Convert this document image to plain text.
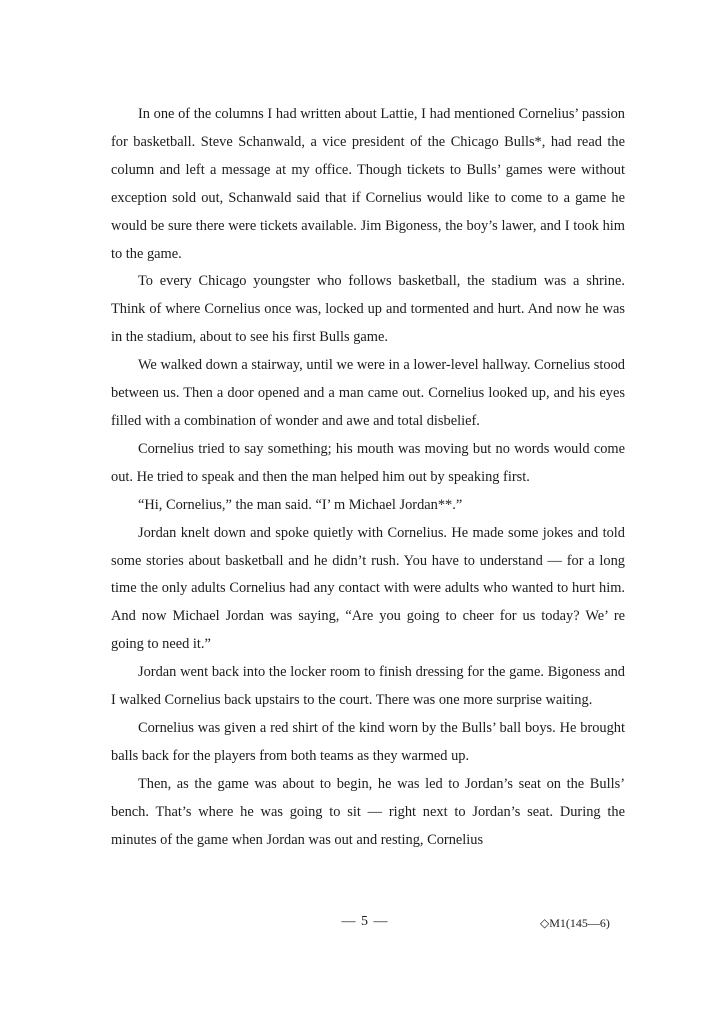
In one of the columns I had written about Lattie, I had mentioned Cornelius’ passion for basketball. Steve Schanwald, a vice president of the Chicago Bulls*, had read the column and left a message at my office. Though tickets to Bulls’ games were without exception sold out, Schanwald said that if Cornelius would like to come to a game he would be sure there were tickets available. Jim Bigoness, the boy’s lawer, and I took him to the game.

To every Chicago youngster who follows basketball, the stadium was a shrine. Think of where Cornelius once was, locked up and tormented and hurt. And now he was in the stadium, about to see his first Bulls game.

We walked down a stairway, until we were in a lower-level hallway. Cornelius stood between us. Then a door opened and a man came out. Cornelius looked up, and his eyes filled with a combination of wonder and awe and total disbelief.

Cornelius tried to say something; his mouth was moving but no words would come out. He tried to speak and then the man helped him out by speaking first.

“Hi, Cornelius,” the man said. “I’ m Michael Jordan**.”

Jordan knelt down and spoke quietly with Cornelius. He made some jokes and told some stories about basketball and he didn’t rush. You have to understand — for a long time the only adults Cornelius had any contact with were adults who wanted to hurt him. And now Michael Jordan was saying, “Are you going to cheer for us today? We’ re going to need it.”

Jordan went back into the locker room to finish dressing for the game. Bigoness and I walked Cornelius back upstairs to the court. There was one more surprise waiting.

Cornelius was given a red shirt of the kind worn by the Bulls’ ball boys. He brought balls back for the players from both teams as they warmed up.

Then, as the game was about to begin, he was led to Jordan’s seat on the Bulls’ bench. That’s where he was going to sit — right next to Jordan’s seat. During the minutes of the game when Jordan was out and resting, Cornelius

— 5 —	◇M1(145—6)
